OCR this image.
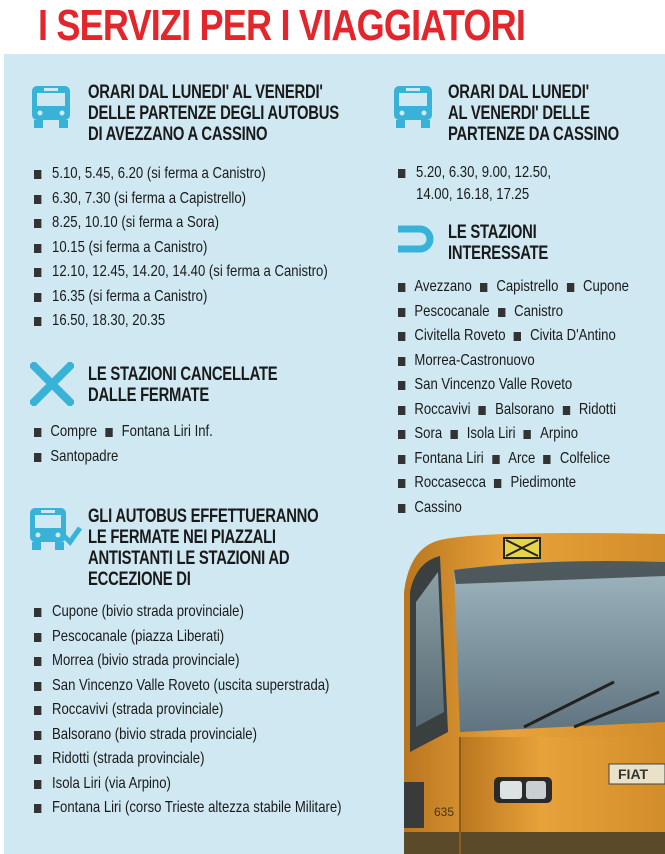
I SERVIZI PER I VIAGGIATORI
ORARI DAL LUNEDI' AL VENERDI'
DELLE PARTENZE DEGLI AUTOBUS
DI AVEZZANO A CASSINO
5.10, 5.45, 6.20 (si ferma a Canistro)
6.30, 7.30 (si ferma a Capistrello)
8.25, 10.10 (si ferma a Sora)
10.15 (si ferma a Canistro)
12.10, 12.45, 14.20, 14.40 (si ferma a Canistro)
16.35 (si ferma a Canistro)
16.50, 18.30, 20.35
LE STAZIONI CANCELLATE
DALLE FERMATE
Compre Fontana Liri Inf.
Santopadre
GLI AUTOBUS EFFETTUERANNO
LE FERMATE NEI PIAZZALI
ANTISTANTI LE STAZIONI AD
ECCEZIONE DI
Cupone (bivio strada provinciale)
Pescocanale (piazza Liberati)
Morrea (bivio strada provinciale)
San Vincenzo Valle Roveto (uscita superstrada)
Roccavivi (strada provinciale)
Balsorano (bivio strada provinciale)
Ridotti (strada provinciale)
Isola Liri (via Arpino)
Fontana Liri (corso Trieste altezza stabile Militare)
ORARI DAL LUNEDI'
AL VENERDI' DELLE
PARTENZE DA CASSINO
5.20, 6.30, 9.00, 12.50,
14.00, 16.18, 17.25
LE STAZIONI
INTERESSATE
Avezzano Capistrello Cupone
Pescocanale Canistro
Civitella Roveto Civita D'Antino
Morrea-Castronuovo
San Vincenzo Valle Roveto
Roccavivi Balsorano Ridotti
Sora Isola Liri Arpino
Fontana Liri Arce Colfelice
Roccasecca Piedimonte
Cassino
FIAT
635
